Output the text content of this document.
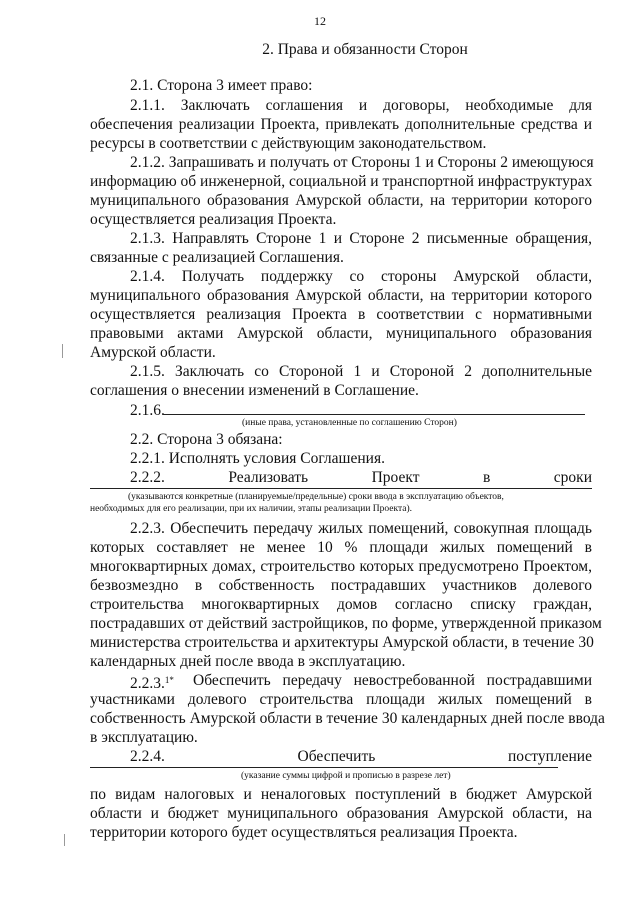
12
2. Права и обязанности Сторон
2.1. Сторона 3 имеет право:
2.1.1. Заключать соглашения и договоры, необходимые для
обеспечения реализации Проекта, привлекать дополнительные средства и
ресурсы в соответствии с действующим законодательством.
2.1.2. Запрашивать и получать от Стороны 1 и Стороны 2 имеющуюся
информацию об инженерной, социальной и транспортной инфраструктурах
муниципального образования Амурской области, на территории которого
осуществляется реализация Проекта.
2.1.3. Направлять Стороне 1 и Стороне 2 письменные обращения,
связанные с реализацией Соглашения.
2.1.4. Получать поддержку со стороны Амурской области,
муниципального образования Амурской области, на территории которого
осуществляется реализация Проекта в соответствии с нормативными
правовыми актами Амурской области, муниципального образования
Амурской области.
2.1.5. Заключать со Стороной 1 и Стороной 2 дополнительные
соглашения о внесении изменений в Соглашение.
2.1.6.
(иные права, установленные по соглашению Сторон)
2.2. Сторона 3 обязана:
2.2.1. Исполнять условия Соглашения.
2.2.2. Реализовать Проект в сроки
(указываются конкретные (планируемые/предельные) сроки ввода в эксплуатацию объектов,
необходимых для его реализации, при их наличии, этапы реализации Проекта).
2.2.3. Обеспечить передачу жилых помещений, совокупная площадь
которых составляет не менее 10 % площади жилых помещений в
многоквартирных домах, строительство которых предусмотрено Проектом,
безвозмездно в собственность пострадавших участников долевого
строительства многоквартирных домов согласно списку граждан,
пострадавших от действий застройщиков, по форме, утвержденной приказом
министерства строительства и архитектуры Амурской области, в течение 30
календарных дней после ввода в эксплуатацию.
2.2.3.$^{1*}$ Обеспечить передачу невостребованной пострадавшими
участниками долевого строительства площади жилых помещений в
собственность Амурской области в течение 30 календарных дней после ввода
в эксплуатацию.
2.2.4. Обеспечить поступление
(указание суммы цифрой и прописью в разрезе лет)
по видам налоговых и неналоговых поступлений в бюджет Амурской
области и бюджет муниципального образования Амурской области, на
территории которого будет осуществляться реализация Проекта.
